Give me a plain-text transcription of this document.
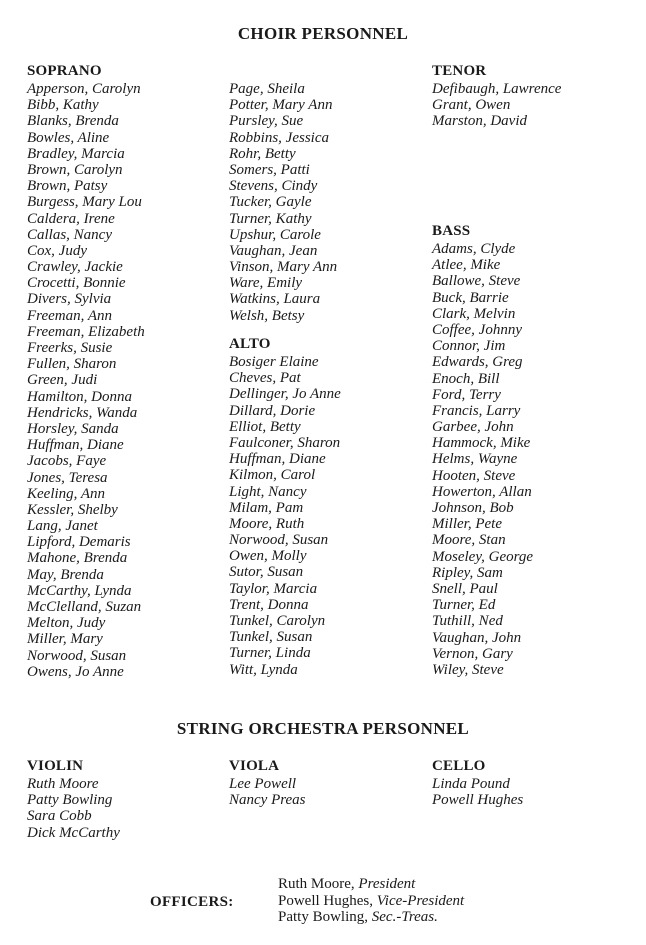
CHOIR PERSONNEL
SOPRANO
Apperson, Carolyn
Bibb, Kathy
Blanks, Brenda
Bowles, Aline
Bradley, Marcia
Brown, Carolyn
Brown, Patsy
Burgess, Mary Lou
Caldera, Irene
Callas, Nancy
Cox, Judy
Crawley, Jackie
Crocetti, Bonnie
Divers, Sylvia
Freeman, Ann
Freeman, Elizabeth
Freerks, Susie
Fullen, Sharon
Green, Judi
Hamilton, Donna
Hendricks, Wanda
Horsley, Sanda
Huffman, Diane
Jacobs, Faye
Jones, Teresa
Keeling, Ann
Kessler, Shelby
Lang, Janet
Lipford, Demaris
Mahone, Brenda
May, Brenda
McCarthy, Lynda
McClelland, Suzan
Melton, Judy
Miller, Mary
Norwood, Susan
Owens, Jo Anne
Page, Sheila
Potter, Mary Ann
Pursley, Sue
Robbins, Jessica
Rohr, Betty
Somers, Patti
Stevens, Cindy
Tucker, Gayle
Turner, Kathy
Upshur, Carole
Vaughan, Jean
Vinson, Mary Ann
Ware, Emily
Watkins, Laura
Welsh, Betsy
ALTO
Bosiger Elaine
Cheves, Pat
Dellinger, Jo Anne
Dillard, Dorie
Elliot, Betty
Faulconer, Sharon
Huffman, Diane
Kilmon, Carol
Light, Nancy
Milam, Pam
Moore, Ruth
Norwood, Susan
Owen, Molly
Sutor, Susan
Taylor, Marcia
Trent, Donna
Tunkel, Carolyn
Tunkel, Susan
Turner, Linda
Witt, Lynda
TENOR
Defibaugh, Lawrence
Grant, Owen
Marston, David
BASS
Adams, Clyde
Atlee, Mike
Ballowe, Steve
Buck, Barrie
Clark, Melvin
Coffee, Johnny
Connor, Jim
Edwards, Greg
Enoch, Bill
Ford, Terry
Francis, Larry
Garbee, John
Hammock, Mike
Helms, Wayne
Hooten, Steve
Howerton, Allan
Johnson, Bob
Miller, Pete
Moore, Stan
Moseley, George
Ripley, Sam
Snell, Paul
Turner, Ed
Tuthill, Ned
Vaughan, John
Vernon, Gary
Wiley, Steve
STRING ORCHESTRA PERSONNEL
VIOLIN
Ruth Moore
Patty Bowling
Sara Cobb
Dick McCarthy
VIOLA
Lee Powell
Nancy Preas
CELLO
Linda Pound
Powell Hughes
OFFICERS:
Ruth Moore, President
Powell Hughes, Vice-President
Patty Bowling, Sec.-Treas.
